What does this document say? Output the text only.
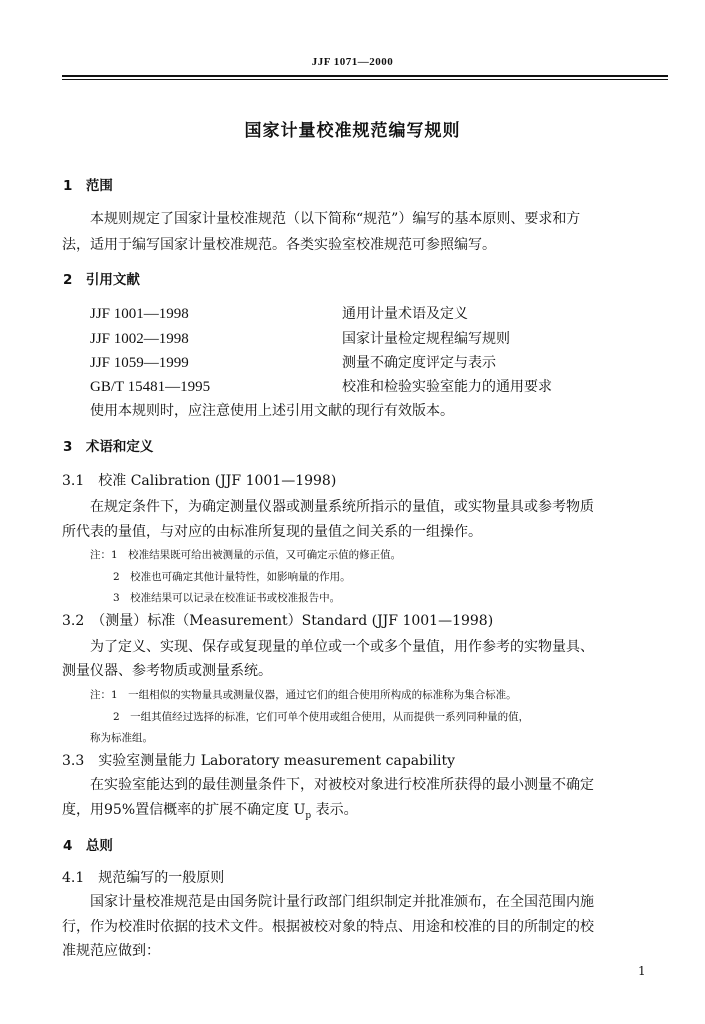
JJF 1071—2000
国家计量校准规范编写规则
1　范围
本规则规定了国家计量校准规范（以下简称“规范”）编写的基本原则、要求和方
法，适用于编写国家计量校准规范。各类实验室校准规范可参照编写。
2　引用文献
JJF 1001—1998	通用计量术语及定义
JJF 1002—1998	国家计量检定规程编写规则
JJF 1059—1999	测量不确定度评定与表示
GB/T 15481—1995	校准和检验实验室能力的通用要求
使用本规则时，应注意使用上述引用文献的现行有效版本。
3　术语和定义
3.1　校准 Calibration (JJF 1001—1998)
在规定条件下，为确定测量仪器或测量系统所指示的量值，或实物量具或参考物质
所代表的量值，与对应的由标准所复现的量值之间关系的一组操作。
注：1　校准结果既可给出被测量的示值，又可确定示值的修正值。
2　校准也可确定其他计量特性，如影响量的作用。
3　校准结果可以记录在校准证书或校准报告中。
3.2　（测量）标准（Measurement）Standard (JJF 1001—1998)
为了定义、实现、保存或复现量的单位或一个或多个量值，用作参考的实物量具、
测量仪器、参考物质或测量系统。
注：1　一组相似的实物量具或测量仪器，通过它们的组合使用所构成的标准称为集合标准。
2　一组其值经过选择的标准，它们可单个使用或组合使用，从而提供一系列同种量的值，
称为标准组。
3.3　实验室测量能力 Laboratory measurement capability
在实验室能达到的最佳测量条件下，对被校对象进行校准所获得的最小测量不确定
度，用95%置信概率的扩展不确定度 $U_p$ 表示。
4　总则
4.1　规范编写的一般原则
国家计量校准规范是由国务院计量行政部门组织制定并批准颁布，在全国范围内施
行，作为校准时依据的技术文件。根据被校对象的特点、用途和校准的目的所制定的校
准规范应做到：
1
